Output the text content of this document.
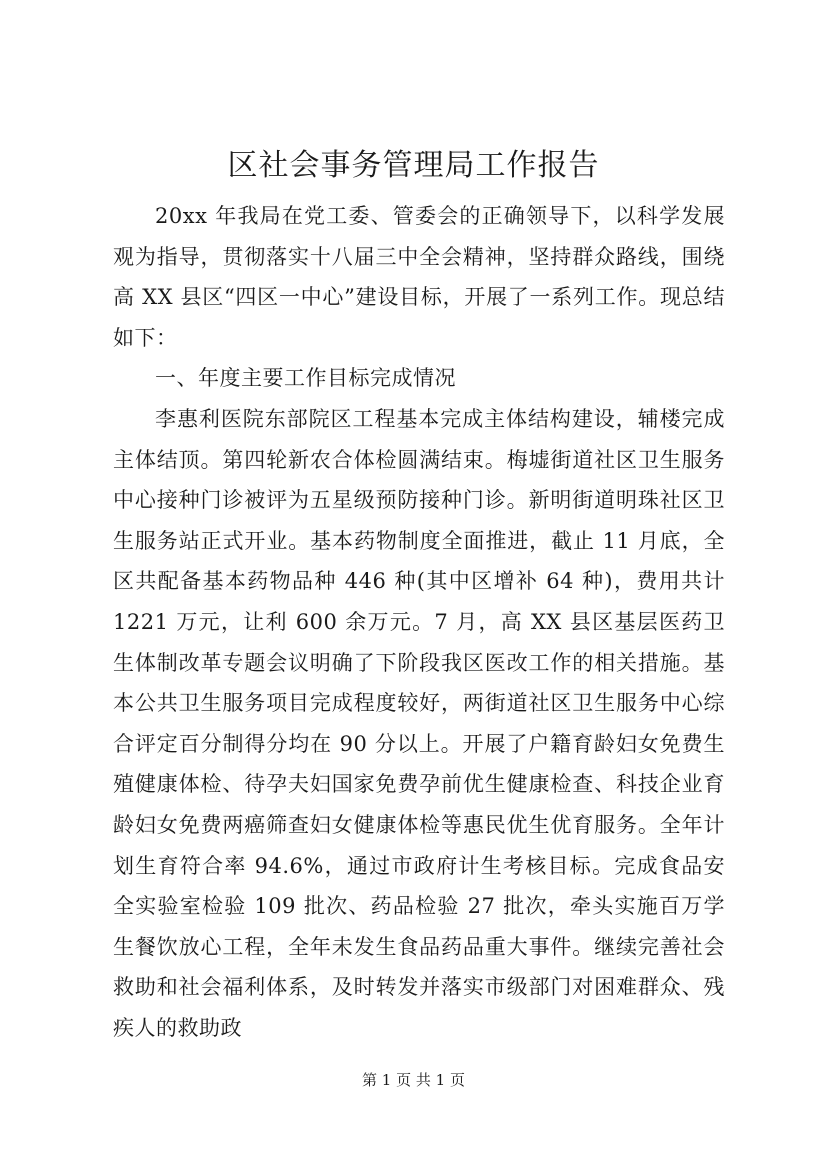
区社会事务管理局工作报告

20xx 年我局在党工委、管委会的正确领导下，以科学发展观为指导，贯彻落实十八届三中全会精神，坚持群众路线，围绕高 XX 县区“四区一中心”建设目标，开展了一系列工作。现总结如下：

一、年度主要工作目标完成情况

李惠利医院东部院区工程基本完成主体结构建设，辅楼完成主体结顶。第四轮新农合体检圆满结束。梅墟街道社区卫生服务中心接种门诊被评为五星级预防接种门诊。新明街道明珠社区卫生服务站正式开业。基本药物制度全面推进，截止 11 月底，全区共配备基本药物品种 446 种(其中区增补 64 种)，费用共计 1221 万元，让利 600 余万元。7 月，高 XX 县区基层医药卫生体制改革专题会议明确了下阶段我区医改工作的相关措施。基本公共卫生服务项目完成程度较好，两街道社区卫生服务中心综合评定百分制得分均在 90 分以上。开展了户籍育龄妇女免费生殖健康体检、待孕夫妇国家免费孕前优生健康检查、科技企业育龄妇女免费两癌筛查妇女健康体检等惠民优生优育服务。全年计划生育符合率 94.6%，通过市政府计生考核目标。完成食品安全实验室检验 109 批次、药品检验 27 批次，牵头实施百万学生餐饮放心工程，全年未发生食品药品重大事件。继续完善社会救助和社会福利体系，及时转发并落实市级部门对困难群众、残疾人的救助政

第 1 页 共 1 页
